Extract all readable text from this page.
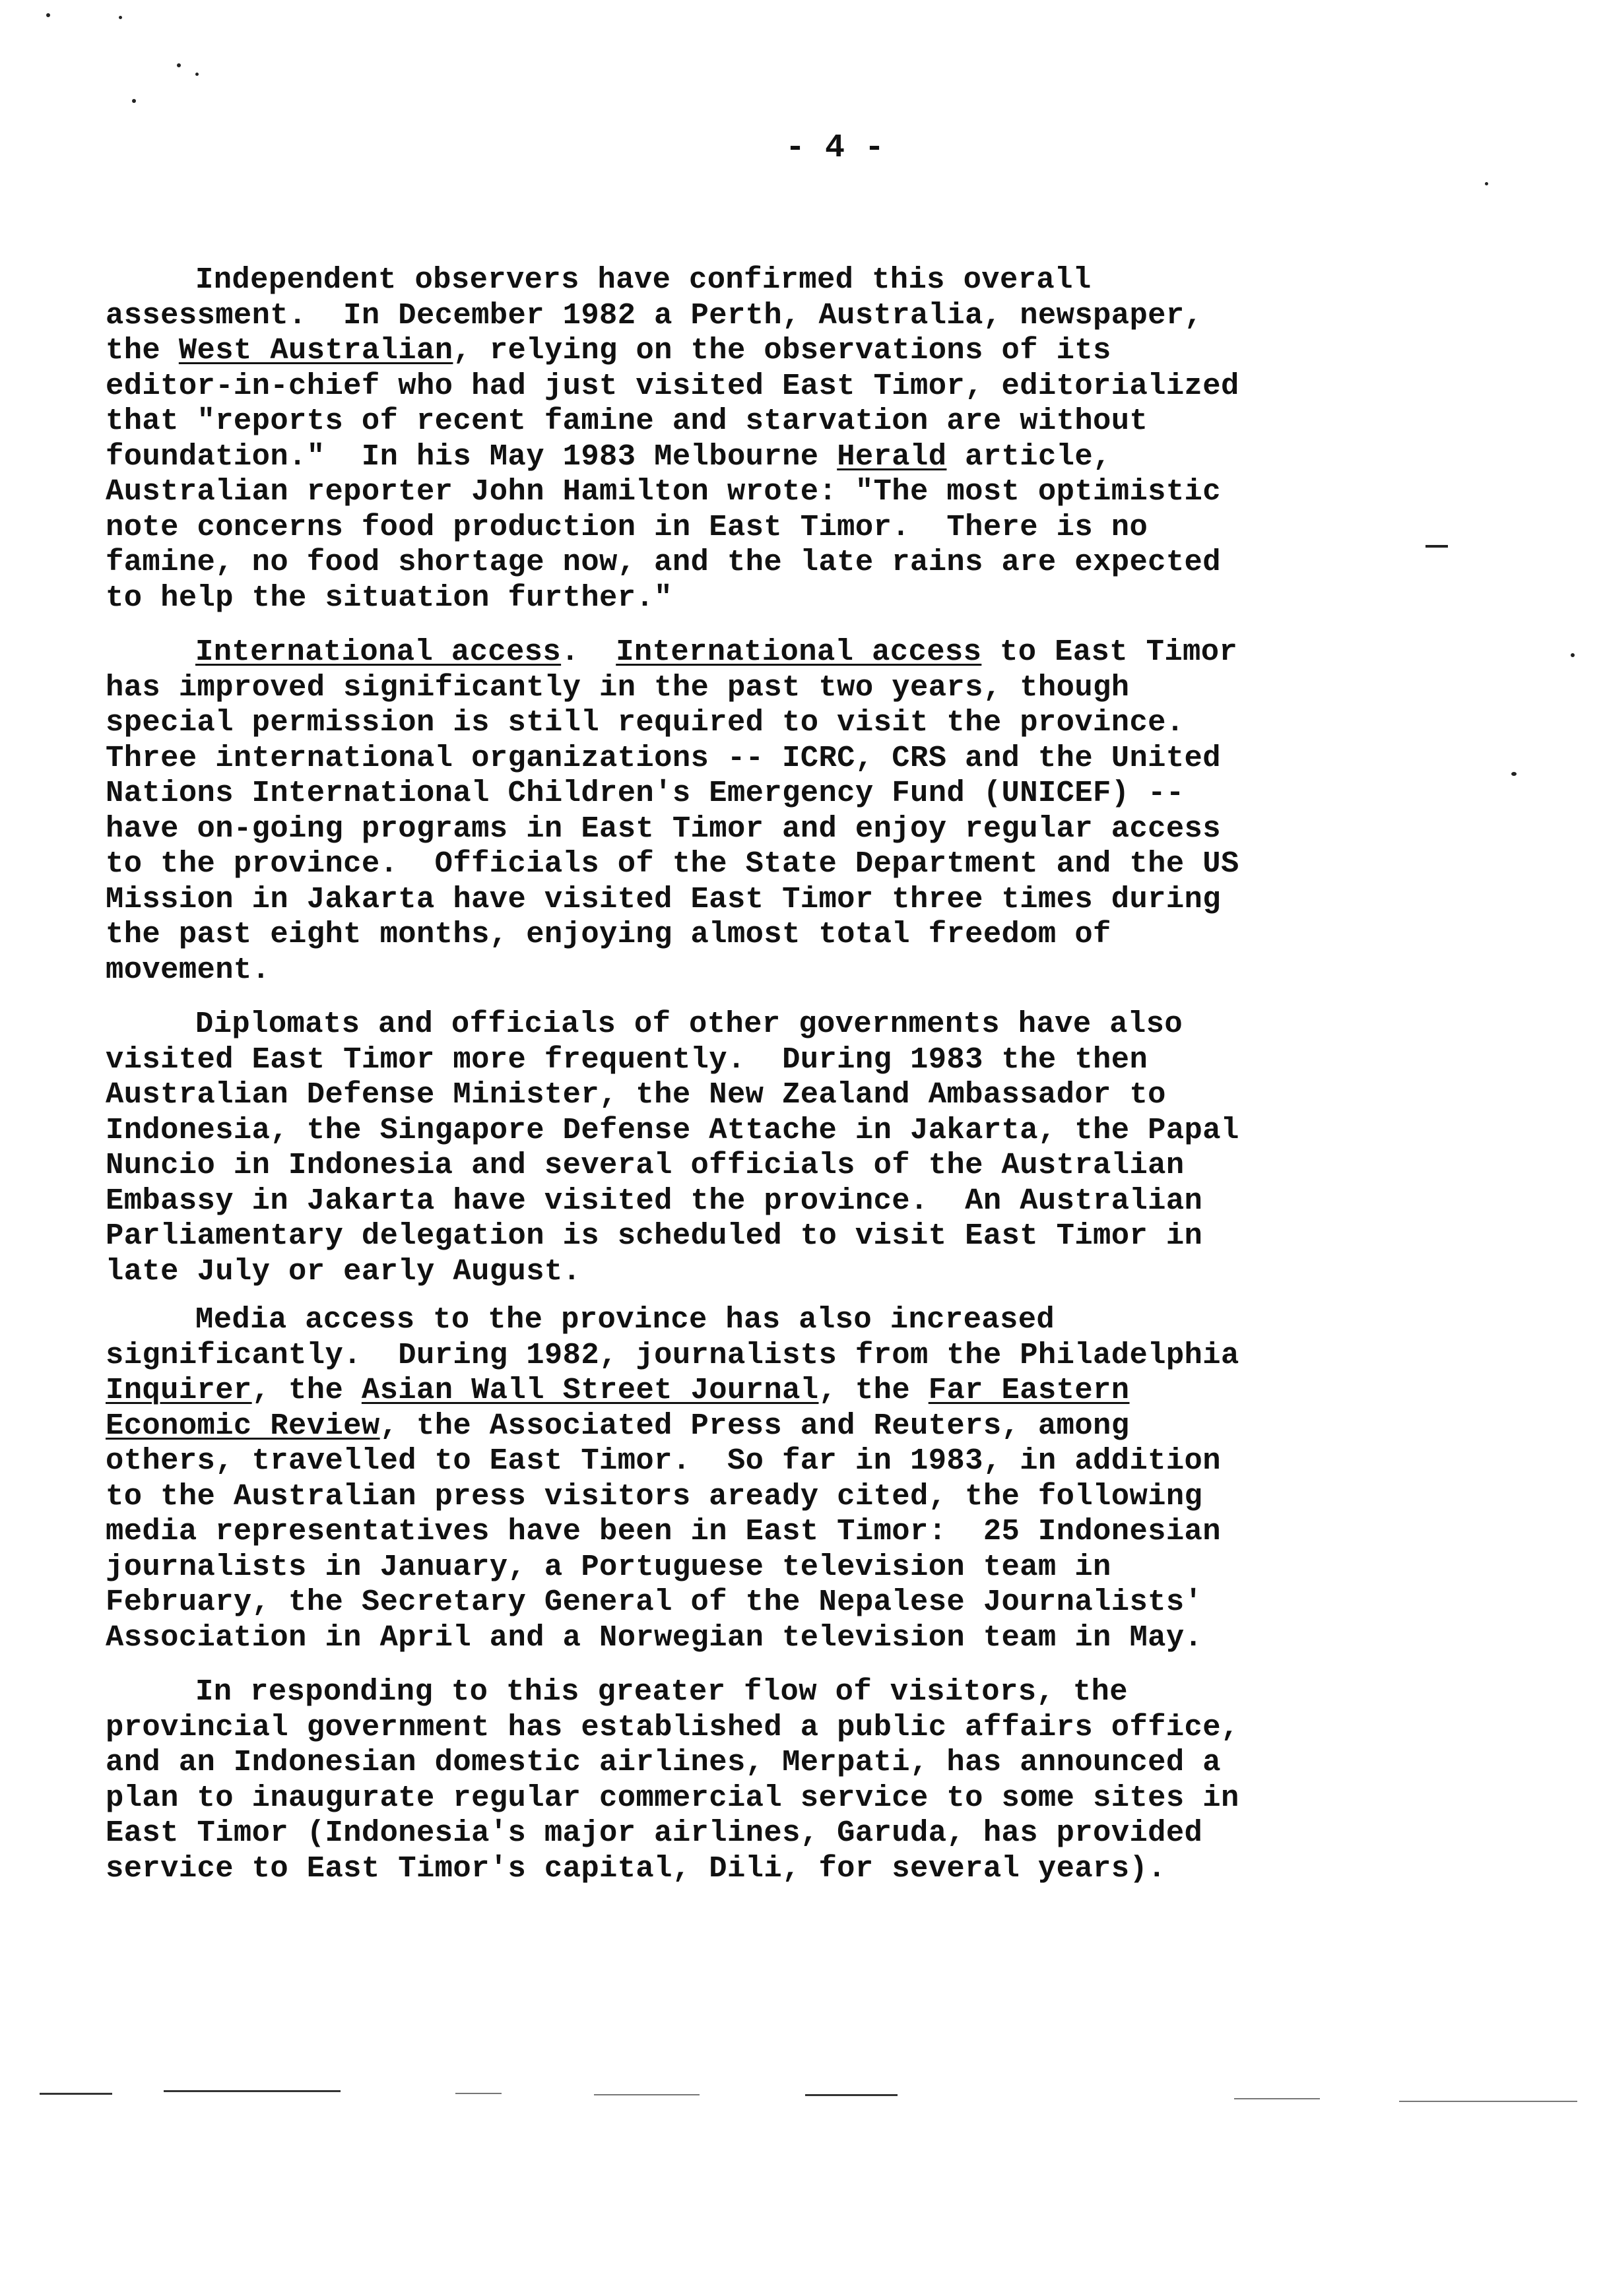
- 4 -
Independent observers have confirmed this overall
assessment.  In December 1982 a Perth, Australia, newspaper,
the West Australian, relying on the observations of its
editor-in-chief who had just visited East Timor, editorialized
that "reports of recent famine and starvation are without
foundation."  In his May 1983 Melbourne Herald article,
Australian reporter John Hamilton wrote: "The most optimistic
note concerns food production in East Timor.  There is no
famine, no food shortage now, and the late rains are expected
to help the situation further."
International access.  International access to East Timor
has improved significantly in the past two years, though
special permission is still required to visit the province.
Three international organizations -- ICRC, CRS and the United
Nations International Children's Emergency Fund (UNICEF) --
have on-going programs in East Timor and enjoy regular access
to the province.  Officials of the State Department and the US
Mission in Jakarta have visited East Timor three times during
the past eight months, enjoying almost total freedom of
movement.
Diplomats and officials of other governments have also
visited East Timor more frequently.  During 1983 the then
Australian Defense Minister, the New Zealand Ambassador to
Indonesia, the Singapore Defense Attache in Jakarta, the Papal
Nuncio in Indonesia and several officials of the Australian
Embassy in Jakarta have visited the province.  An Australian
Parliamentary delegation is scheduled to visit East Timor in
late July or early August.
Media access to the province has also increased
significantly.  During 1982, journalists from the Philadelphia
Inquirer, the Asian Wall Street Journal, the Far Eastern
Economic Review, the Associated Press and Reuters, among
others, travelled to East Timor.  So far in 1983, in addition
to the Australian press visitors aready cited, the following
media representatives have been in East Timor:  25 Indonesian
journalists in January, a Portuguese television team in
February, the Secretary General of the Nepalese Journalists'
Association in April and a Norwegian television team in May.
In responding to this greater flow of visitors, the
provincial government has established a public affairs office,
and an Indonesian domestic airlines, Merpati, has announced a
plan to inaugurate regular commercial service to some sites in
East Timor (Indonesia's major airlines, Garuda, has provided
service to East Timor's capital, Dili, for several years).
